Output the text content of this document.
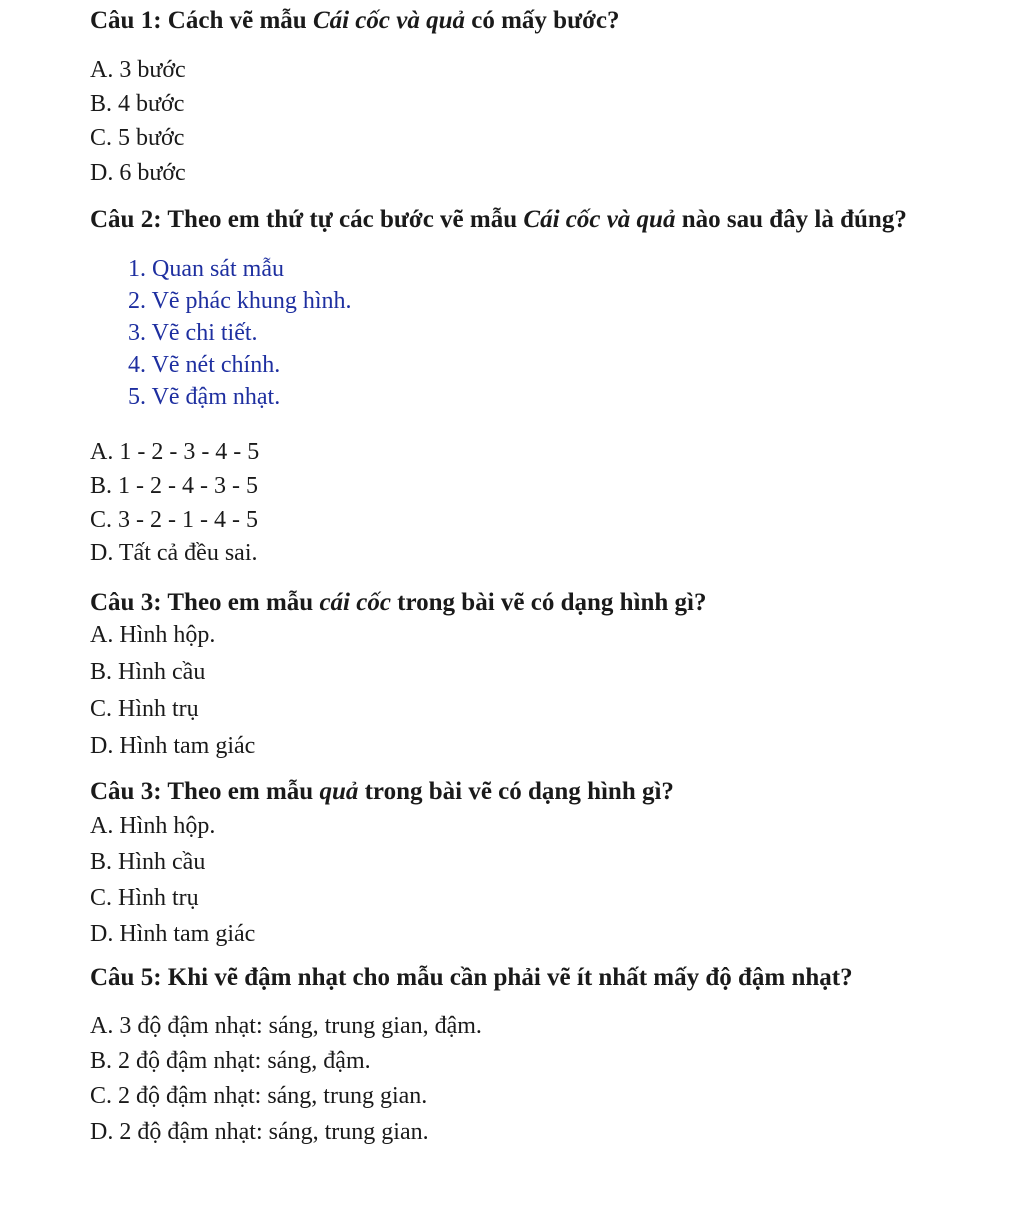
Câu 1: Cách vẽ mẫu Cái cốc và quả có mấy bước?
A. 3 bước
B. 4 bước
C. 5 bước
D. 6 bước
Câu 2: Theo em thứ tự các bước vẽ mẫu Cái cốc và quả nào sau đây là đúng?
1. Quan sát mẫu
2. Vẽ phác khung hình.
3. Vẽ chi tiết.
4. Vẽ nét chính.
5. Vẽ đậm nhạt.
A. 1 - 2 - 3 - 4 - 5
B. 1 - 2 - 4 - 3 - 5
C. 3 - 2 - 1 - 4 - 5
D. Tất cả đều sai.
Câu 3: Theo em mẫu cái cốc trong bài vẽ có dạng hình gì?
A. Hình hộp.
B. Hình cầu
C. Hình trụ
D. Hình tam giác
Câu 3: Theo em mẫu quả trong bài vẽ có dạng hình gì?
A. Hình hộp.
B. Hình cầu
C. Hình trụ
D. Hình tam giác
Câu 5: Khi vẽ đậm nhạt cho mẫu cần phải vẽ ít nhất mấy độ đậm nhạt?
A. 3 độ đậm nhạt: sáng, trung gian, đậm.
B. 2 độ đậm nhạt: sáng, đậm.
C. 2 độ đậm nhạt: sáng, trung gian.
D. 2 độ đậm nhạt: sáng, trung gian.
